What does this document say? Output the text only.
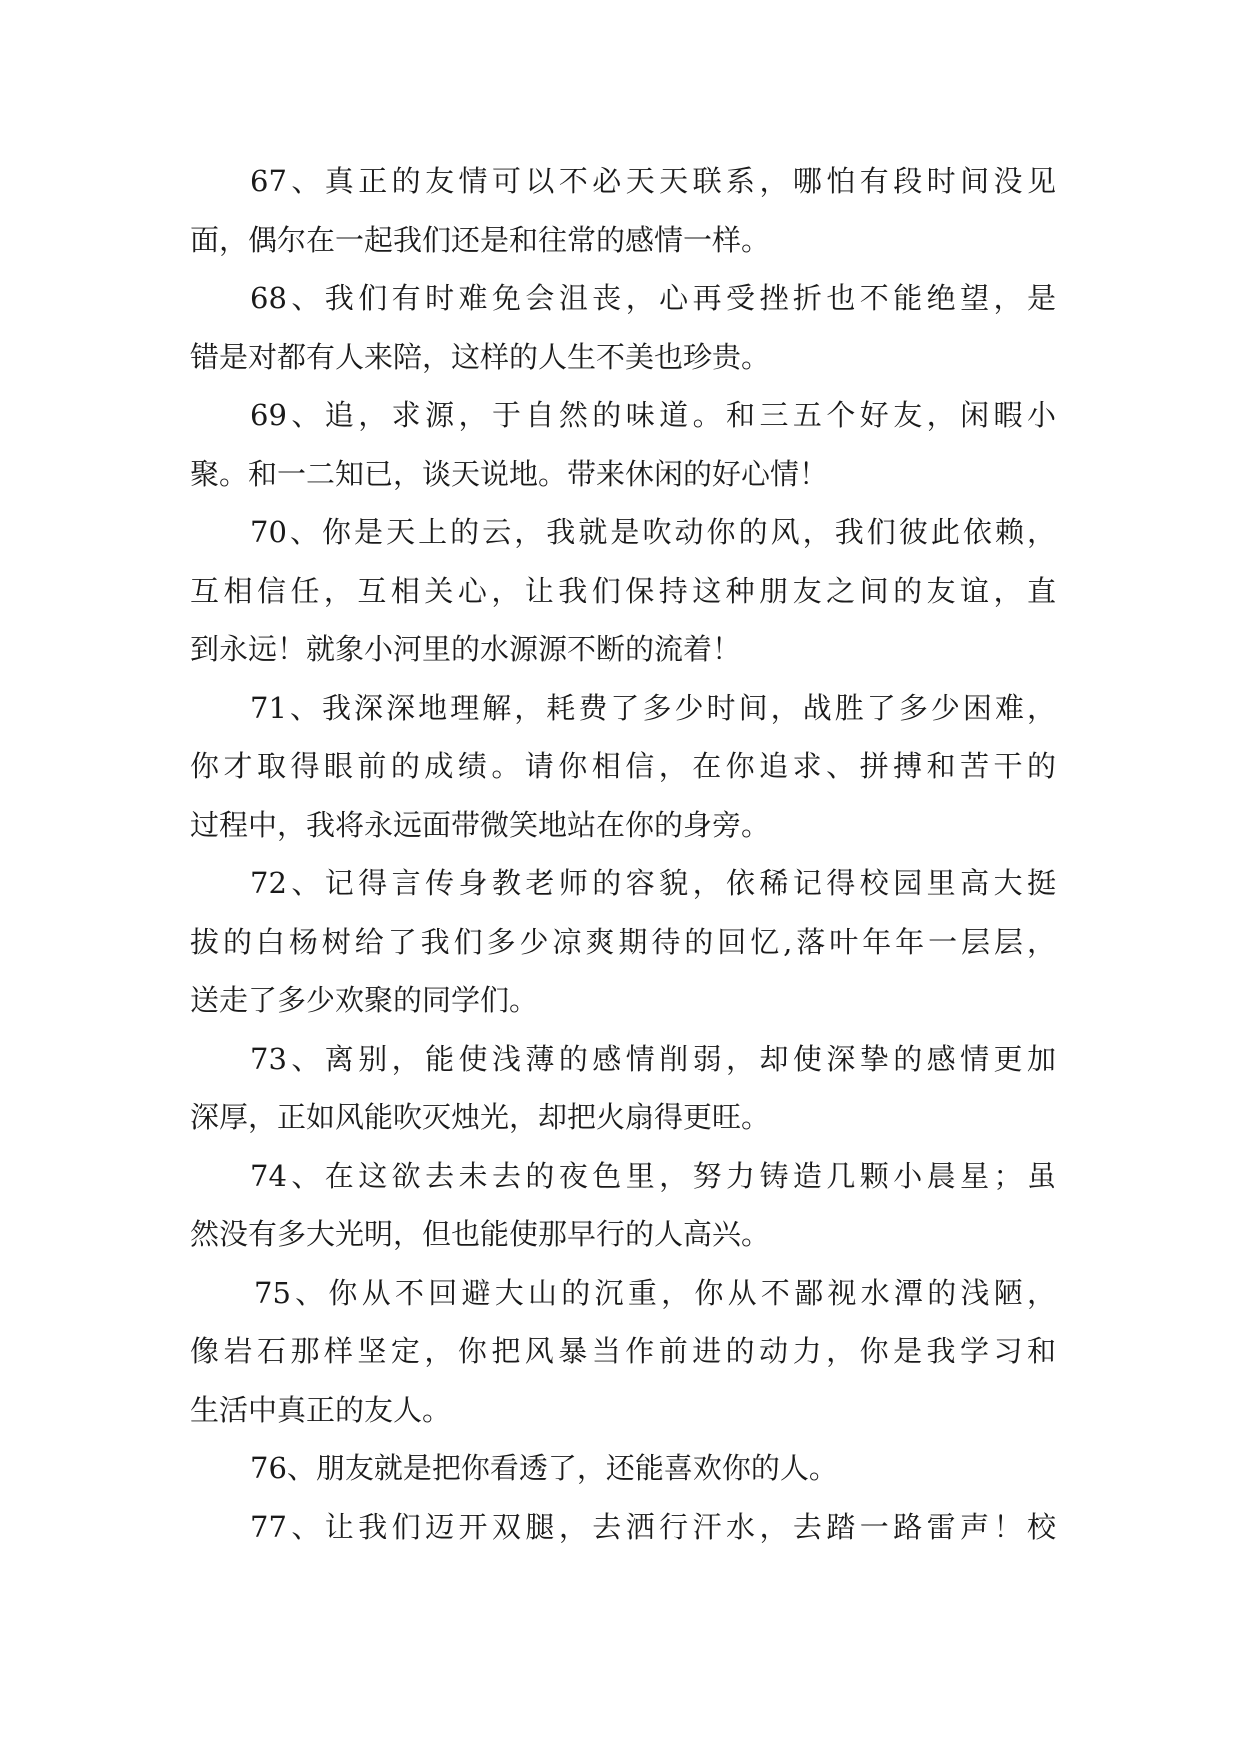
67、真正的友情可以不必天天联系，哪怕有段时间没见
面，偶尔在一起我们还是和往常的感情一样。
68、我们有时难免会沮丧，心再受挫折也不能绝望，是
错是对都有人来陪，这样的人生不美也珍贵。
69、追，求源，于自然的味道。和三五个好友，闲暇小
聚。和一二知已，谈天说地。带来休闲的好心情！
70、你是天上的云，我就是吹动你的风，我们彼此依赖，
互相信任，互相关心，让我们保持这种朋友之间的友谊，直
到永远！就象小河里的水源源不断的流着！
71、我深深地理解，耗费了多少时间，战胜了多少困难，
你才取得眼前的成绩。请你相信，在你追求、拼搏和苦干的
过程中，我将永远面带微笑地站在你的身旁。
72、记得言传身教老师的容貌，依稀记得校园里高大挺
拔的白杨树给了我们多少凉爽期待的回忆,落叶年年一层层，
送走了多少欢聚的同学们。
73、离别，能使浅薄的感情削弱，却使深挚的感情更加
深厚，正如风能吹灭烛光，却把火扇得更旺。
74、在这欲去未去的夜色里，努力铸造几颗小晨星；虽
然没有多大光明，但也能使那早行的人高兴。
75、你从不回避大山的沉重，你从不鄙视水潭的浅陋，
像岩石那样坚定，你把风暴当作前进的动力，你是我学习和
生活中真正的友人。
76、朋友就是把你看透了，还能喜欢你的人。
77、让我们迈开双腿，去洒行汗水，去踏一路雷声！校
